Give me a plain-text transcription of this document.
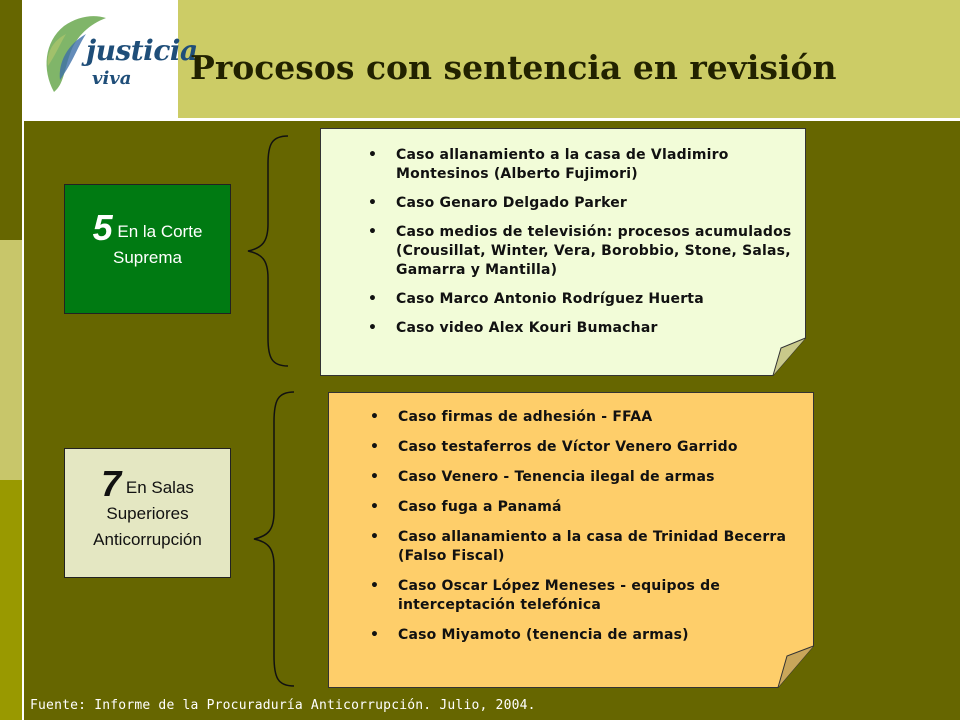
justicia
viva Procesos con sentencia en revisión
5 En la Corte
Suprema
7 En Salas
Superiores
Anticorrupción
• Caso allanamiento a la casa de Vladimiro Montesinos (Alberto Fujimori)
• Caso Genaro Delgado Parker
• Caso medios de televisión: procesos acumulados (Crousillat, Winter, Vera, Borobbio, Stone, Salas, Gamarra y Mantilla)
• Caso Marco Antonio Rodríguez Huerta
• Caso video Alex Kouri Bumachar
• Caso firmas de adhesión - FFAA
• Caso testaferros de Víctor Venero Garrido
• Caso Venero - Tenencia ilegal de armas
• Caso fuga a Panamá
• Caso allanamiento a la casa de Trinidad Becerra (Falso Fiscal)
• Caso Oscar López Meneses - equipos de interceptación telefónica
• Caso Miyamoto (tenencia de armas)
Fuente: Informe de la Procuraduría Anticorrupción. Julio, 2004.
